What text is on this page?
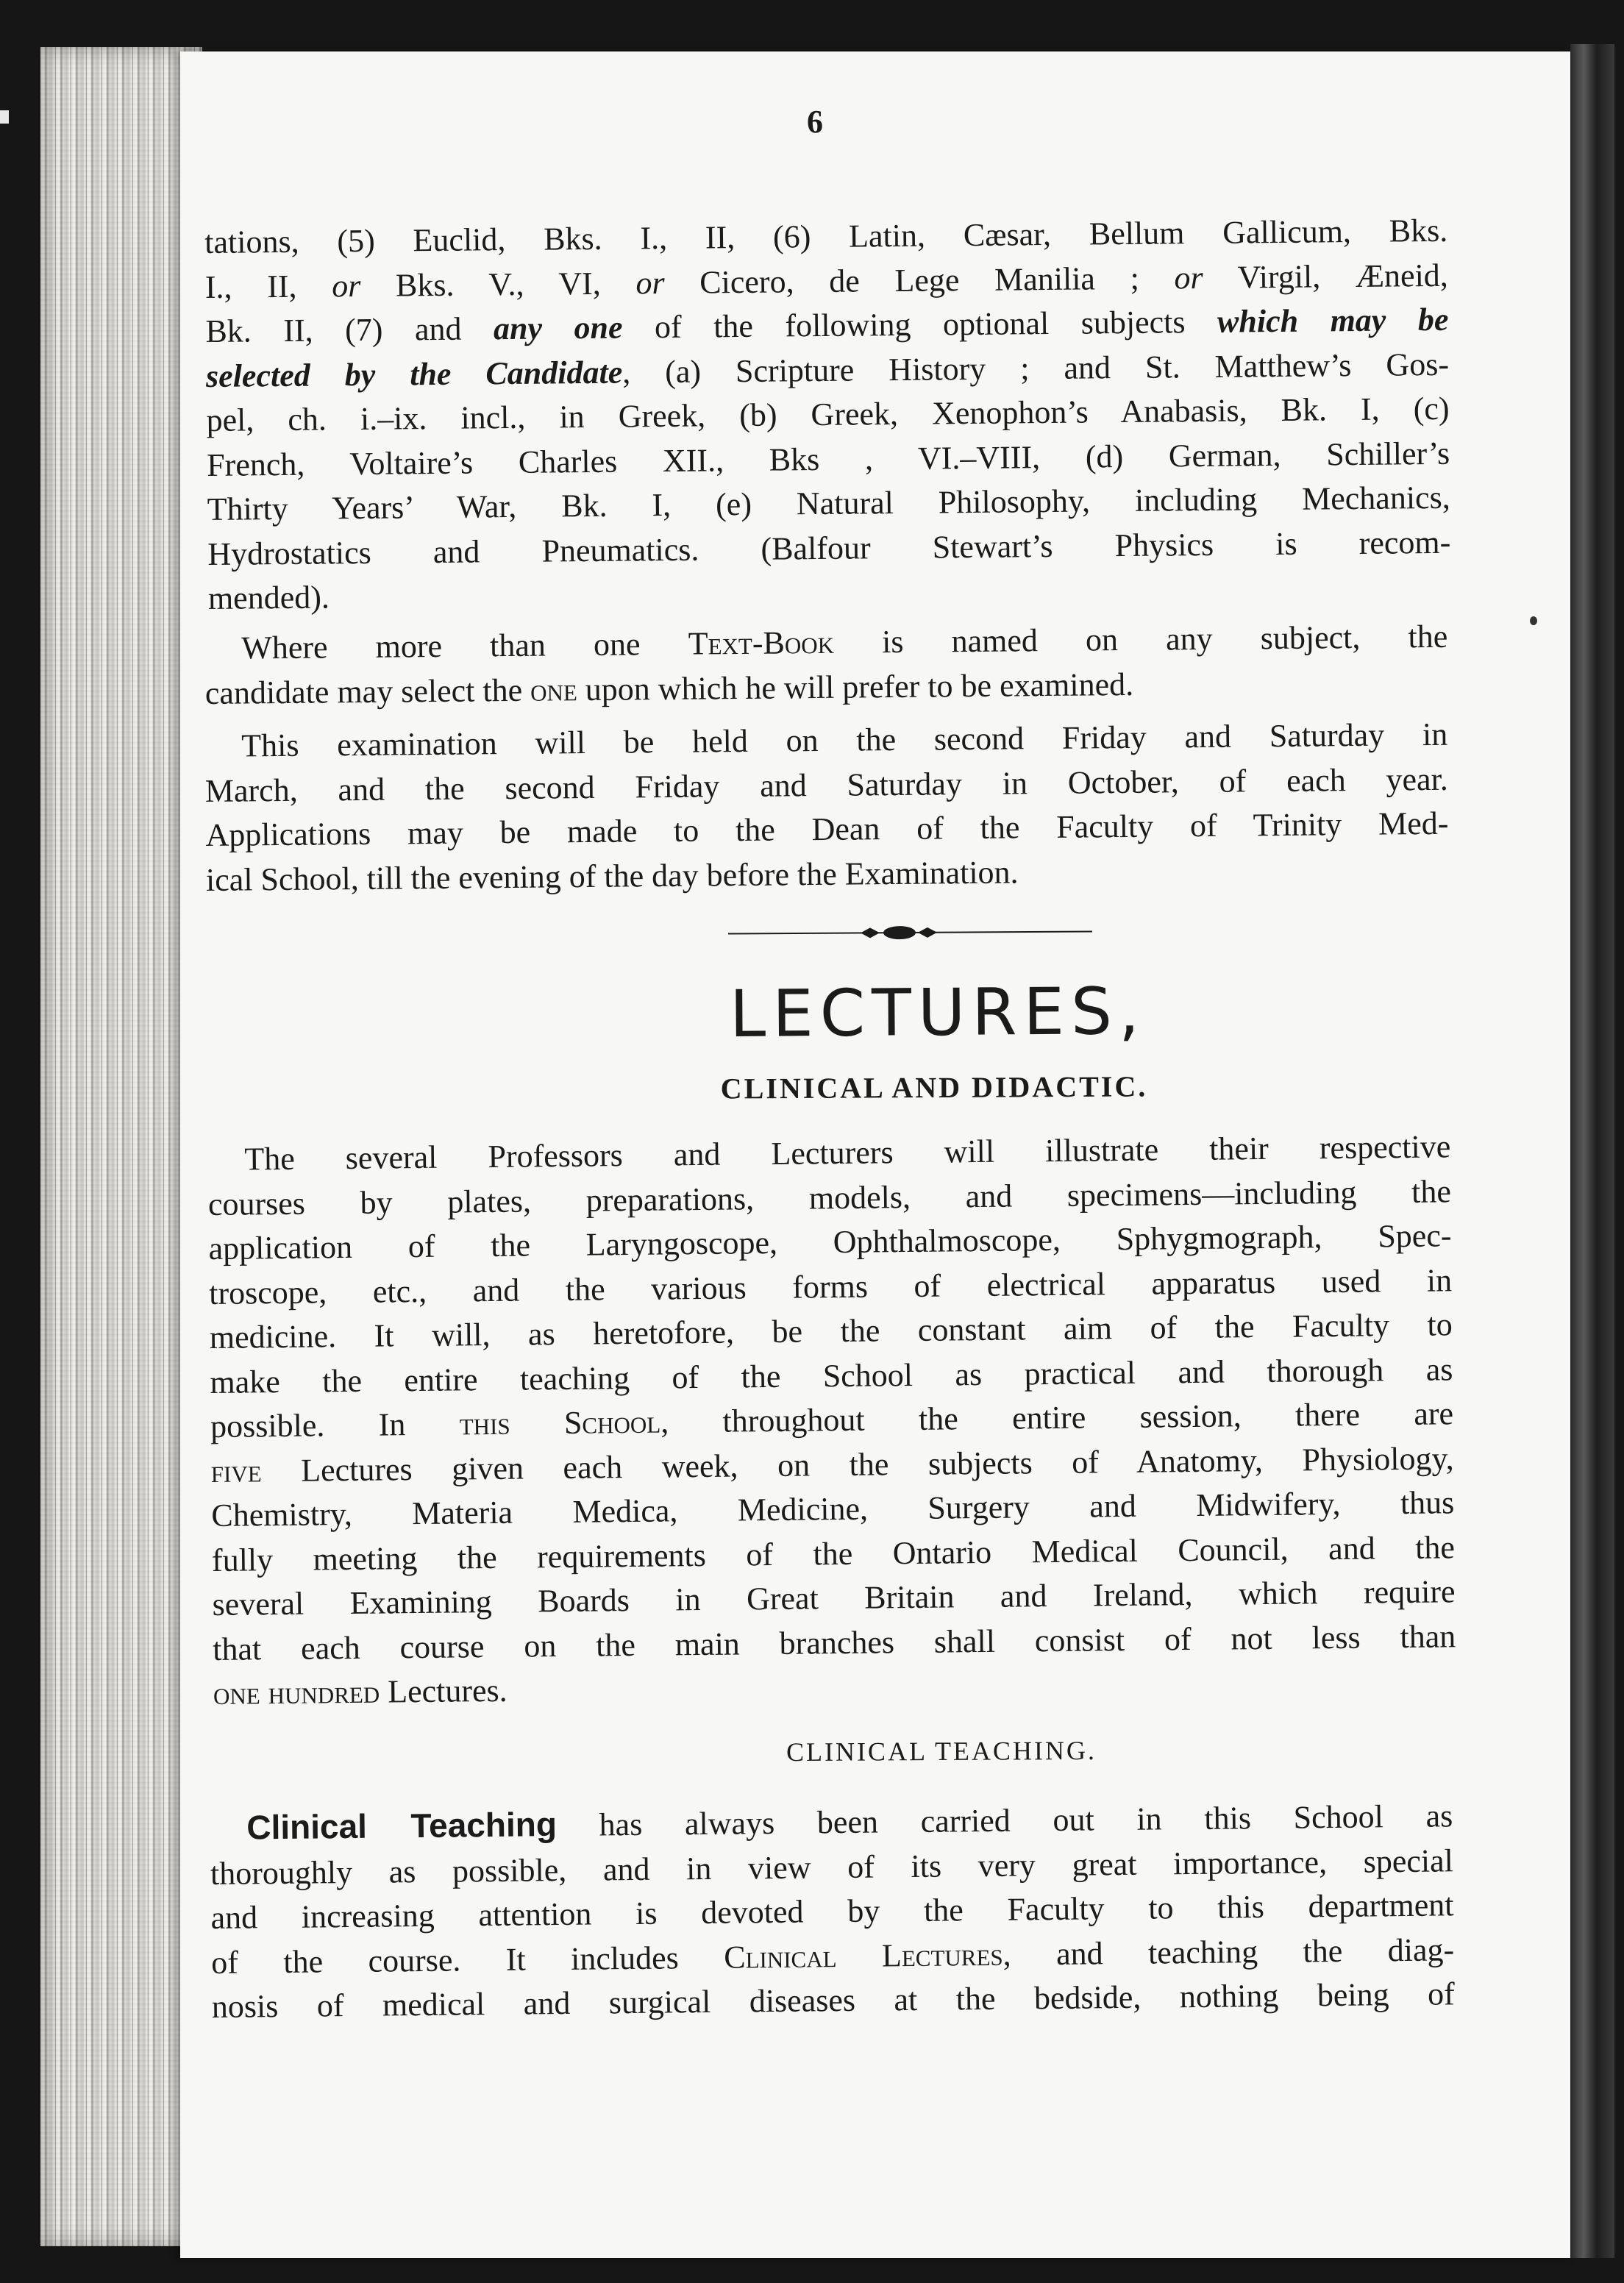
6

tations, (5) Euclid, Bks. I., II, (6) Latin, Cæsar, Bellum Gallicum, Bks.
I., II, or Bks. V., VI, or Cicero, de Lege Manilia ; or Virgil, Æneid,
Bk. II, (7) and any one of the following optional subjects which may be
selected by the Candidate, (a) Scripture History ; and St. Matthew’s Gos-
pel, ch. i.–ix. incl., in Greek, (b) Greek, Xenophon’s Anabasis, Bk. I, (c)
French, Voltaire’s Charles XII., Bks , VI.–VIII, (d) German, Schiller’s
Thirty Years’ War, Bk. I, (e) Natural Philosophy, including Mechanics,
Hydrostatics and Pneumatics. (Balfour Stewart’s Physics is recom-
mended).

Where more than one Text-Book is named on any subject, the

candidate may select the one upon which he will prefer to be examined.

This examination will be held on the second Friday and Saturday in

March, and the second Friday and Saturday in October, of each year.
Applications may be made to the Dean of the Faculty of Trinity Med-
ical School, till the evening of the day before the Examination.

LECTURES,
CLINICAL AND DIDACTIC.

The several Professors and Lecturers will illustrate their respective

courses by plates, preparations, models, and specimens—including the
application of the Laryngoscope, Ophthalmoscope, Sphygmograph, Spec-
troscope, etc., and the various forms of electrical apparatus used in
medicine. It will, as heretofore, be the constant aim of the Faculty to
make the entire teaching of the School as practical and thorough as
possible. In this School, throughout the entire session, there are
five Lectures given each week, on the subjects of Anatomy, Physiology,
Chemistry, Materia Medica, Medicine, Surgery and Midwifery, thus
fully meeting the requirements of the Ontario Medical Council, and the
several Examining Boards in Great Britain and Ireland, which require
that each course on the main branches shall consist of not less than
one hundred Lectures.

CLINICAL TEACHING.

Clinical Teaching has always been carried out in this School as

thoroughly as possible, and in view of its very great importance, special
and increasing attention is devoted by the Faculty to this department
of the course. It includes Clinical Lectures, and teaching the diag-
nosis of medical and surgical diseases at the bedside, nothing being of
